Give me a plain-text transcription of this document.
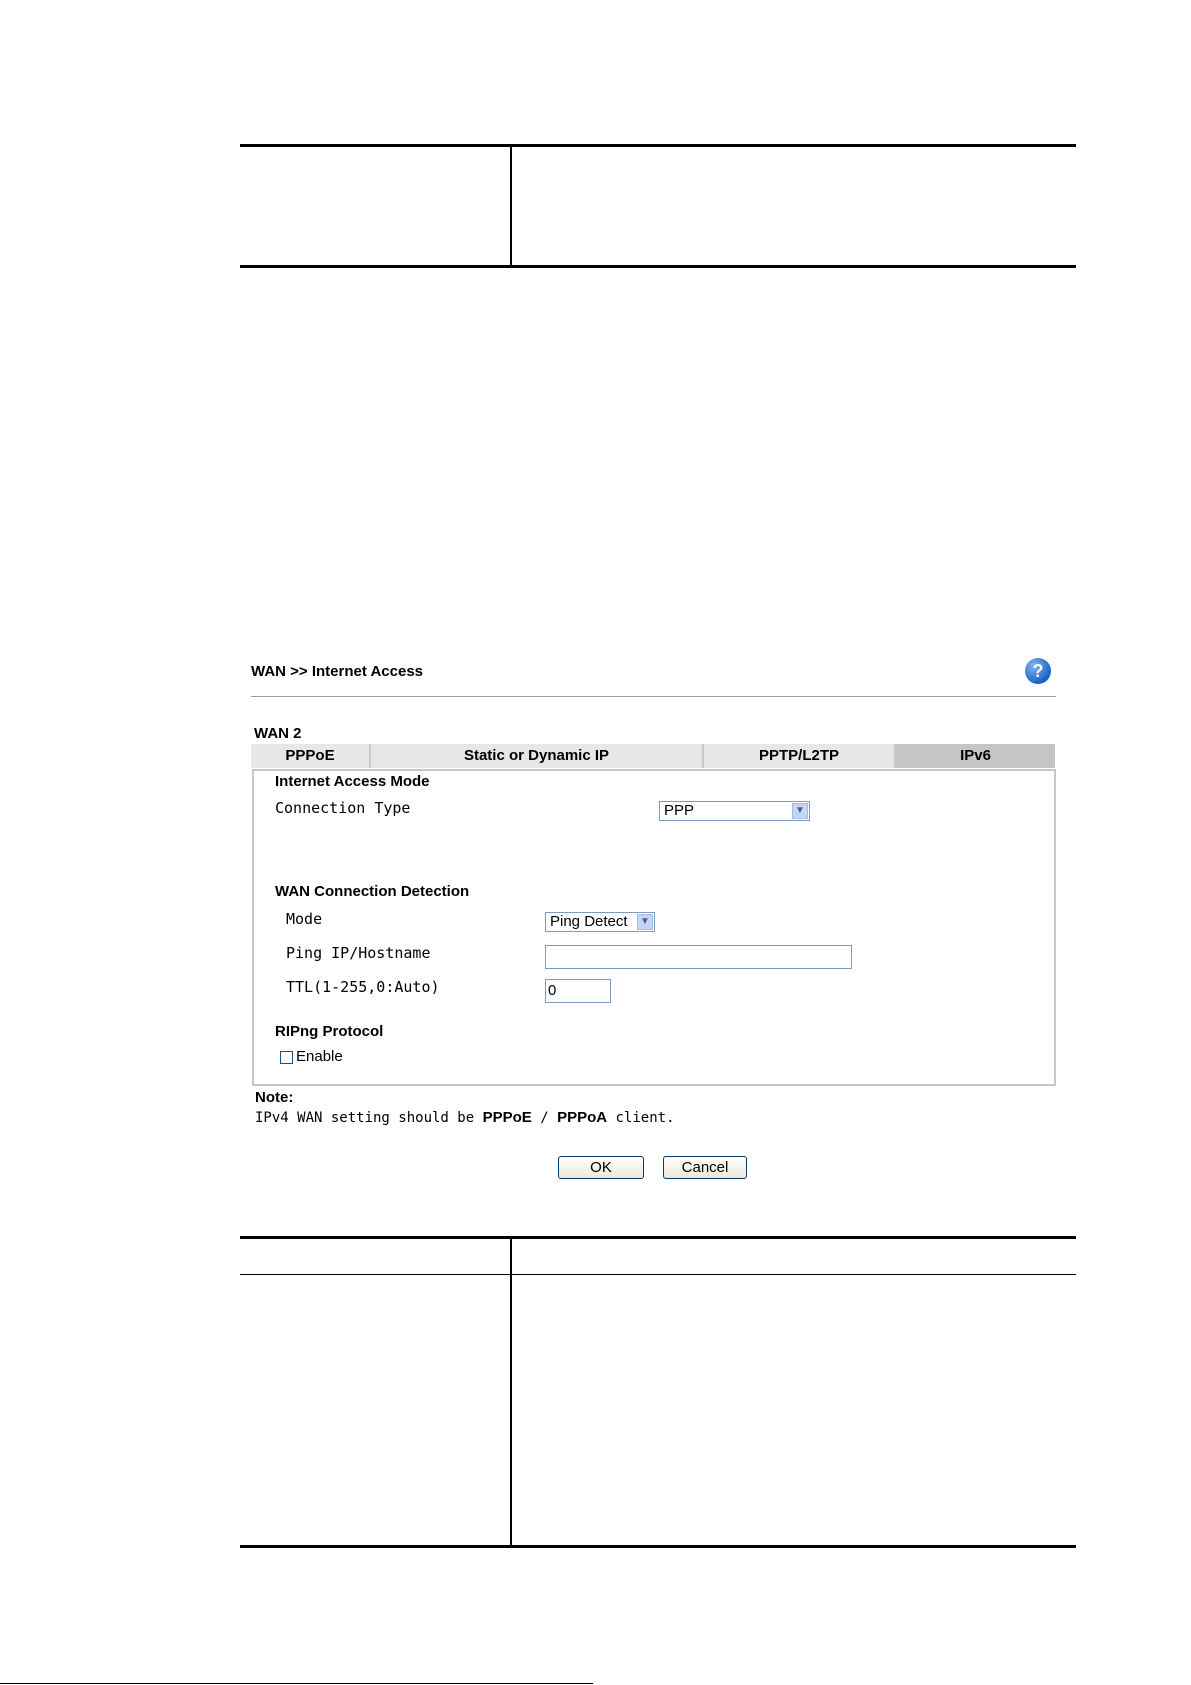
WAN >> Internet Access	?
WAN 2
PPPoE	Static or Dynamic IP	PPTP/L2TP	IPv6
Internet Access Mode
Connection Type	PPP	▼
WAN Connection Detection
Mode	Ping Detect	▼
Ping IP/Hostname
TTL(1-255,0:Auto)	0
RIPng Protocol
Enable
Note:
IPv4 WAN setting should be PPPoE / PPPoA client.
OK	Cancel
